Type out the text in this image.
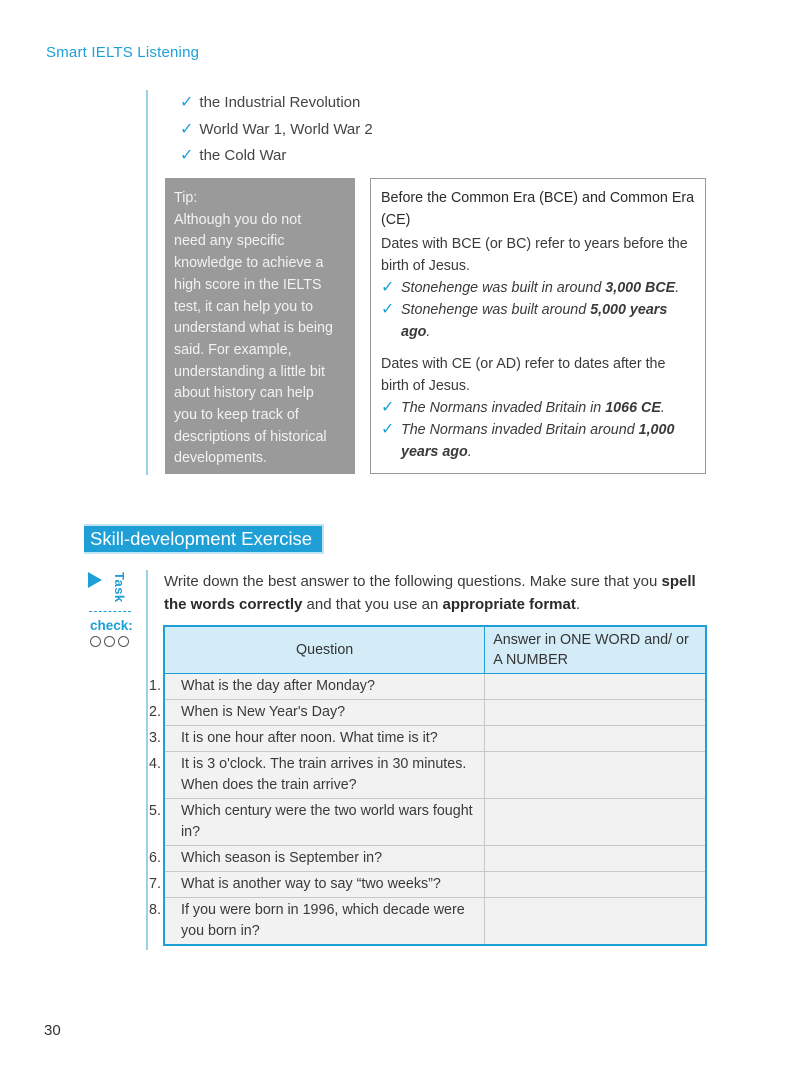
Smart IELTS Listening
✓ the Industrial Revolution
✓ World War 1, World War 2
✓ the Cold War
Tip:
Although you do not
need any specific
knowledge to achieve a
high score in the IELTS
test, it can help you to
understand what is being
said. For example,
understanding a little bit
about history can help
you to keep track of
descriptions of historical
developments.
Before the Common Era (BCE) and Common Era (CE)
Dates with BCE (or BC) refer to years before the birth of Jesus.
✓ Stonehenge was built in around 3,000 BCE.
✓ Stonehenge was built around 5,000 years ago.
Dates with CE (or AD) refer to dates after the birth of Jesus.
✓ The Normans invaded Britain in 1066 CE.
✓ The Normans invaded Britain around 1,000 years ago.
Skill-development Exercise
Task
check:
Write down the best answer to the following questions. Make sure that you spell the words correctly and that you use an appropriate format.
Question	Answer in ONE WORD and/ or A NUMBER
1. What is the day after Monday?	
2. When is New Year's Day?	
3. It is one hour after noon. What time is it?	
4. It is 3 o'clock. The train arrives in 30 minutes. When does the train arrive?	
5. Which century were the two world wars fought in?	
6. Which season is September in?	
7. What is another way to say “two weeks”?	
8. If you were born in 1996, which decade were you born in?	
30
